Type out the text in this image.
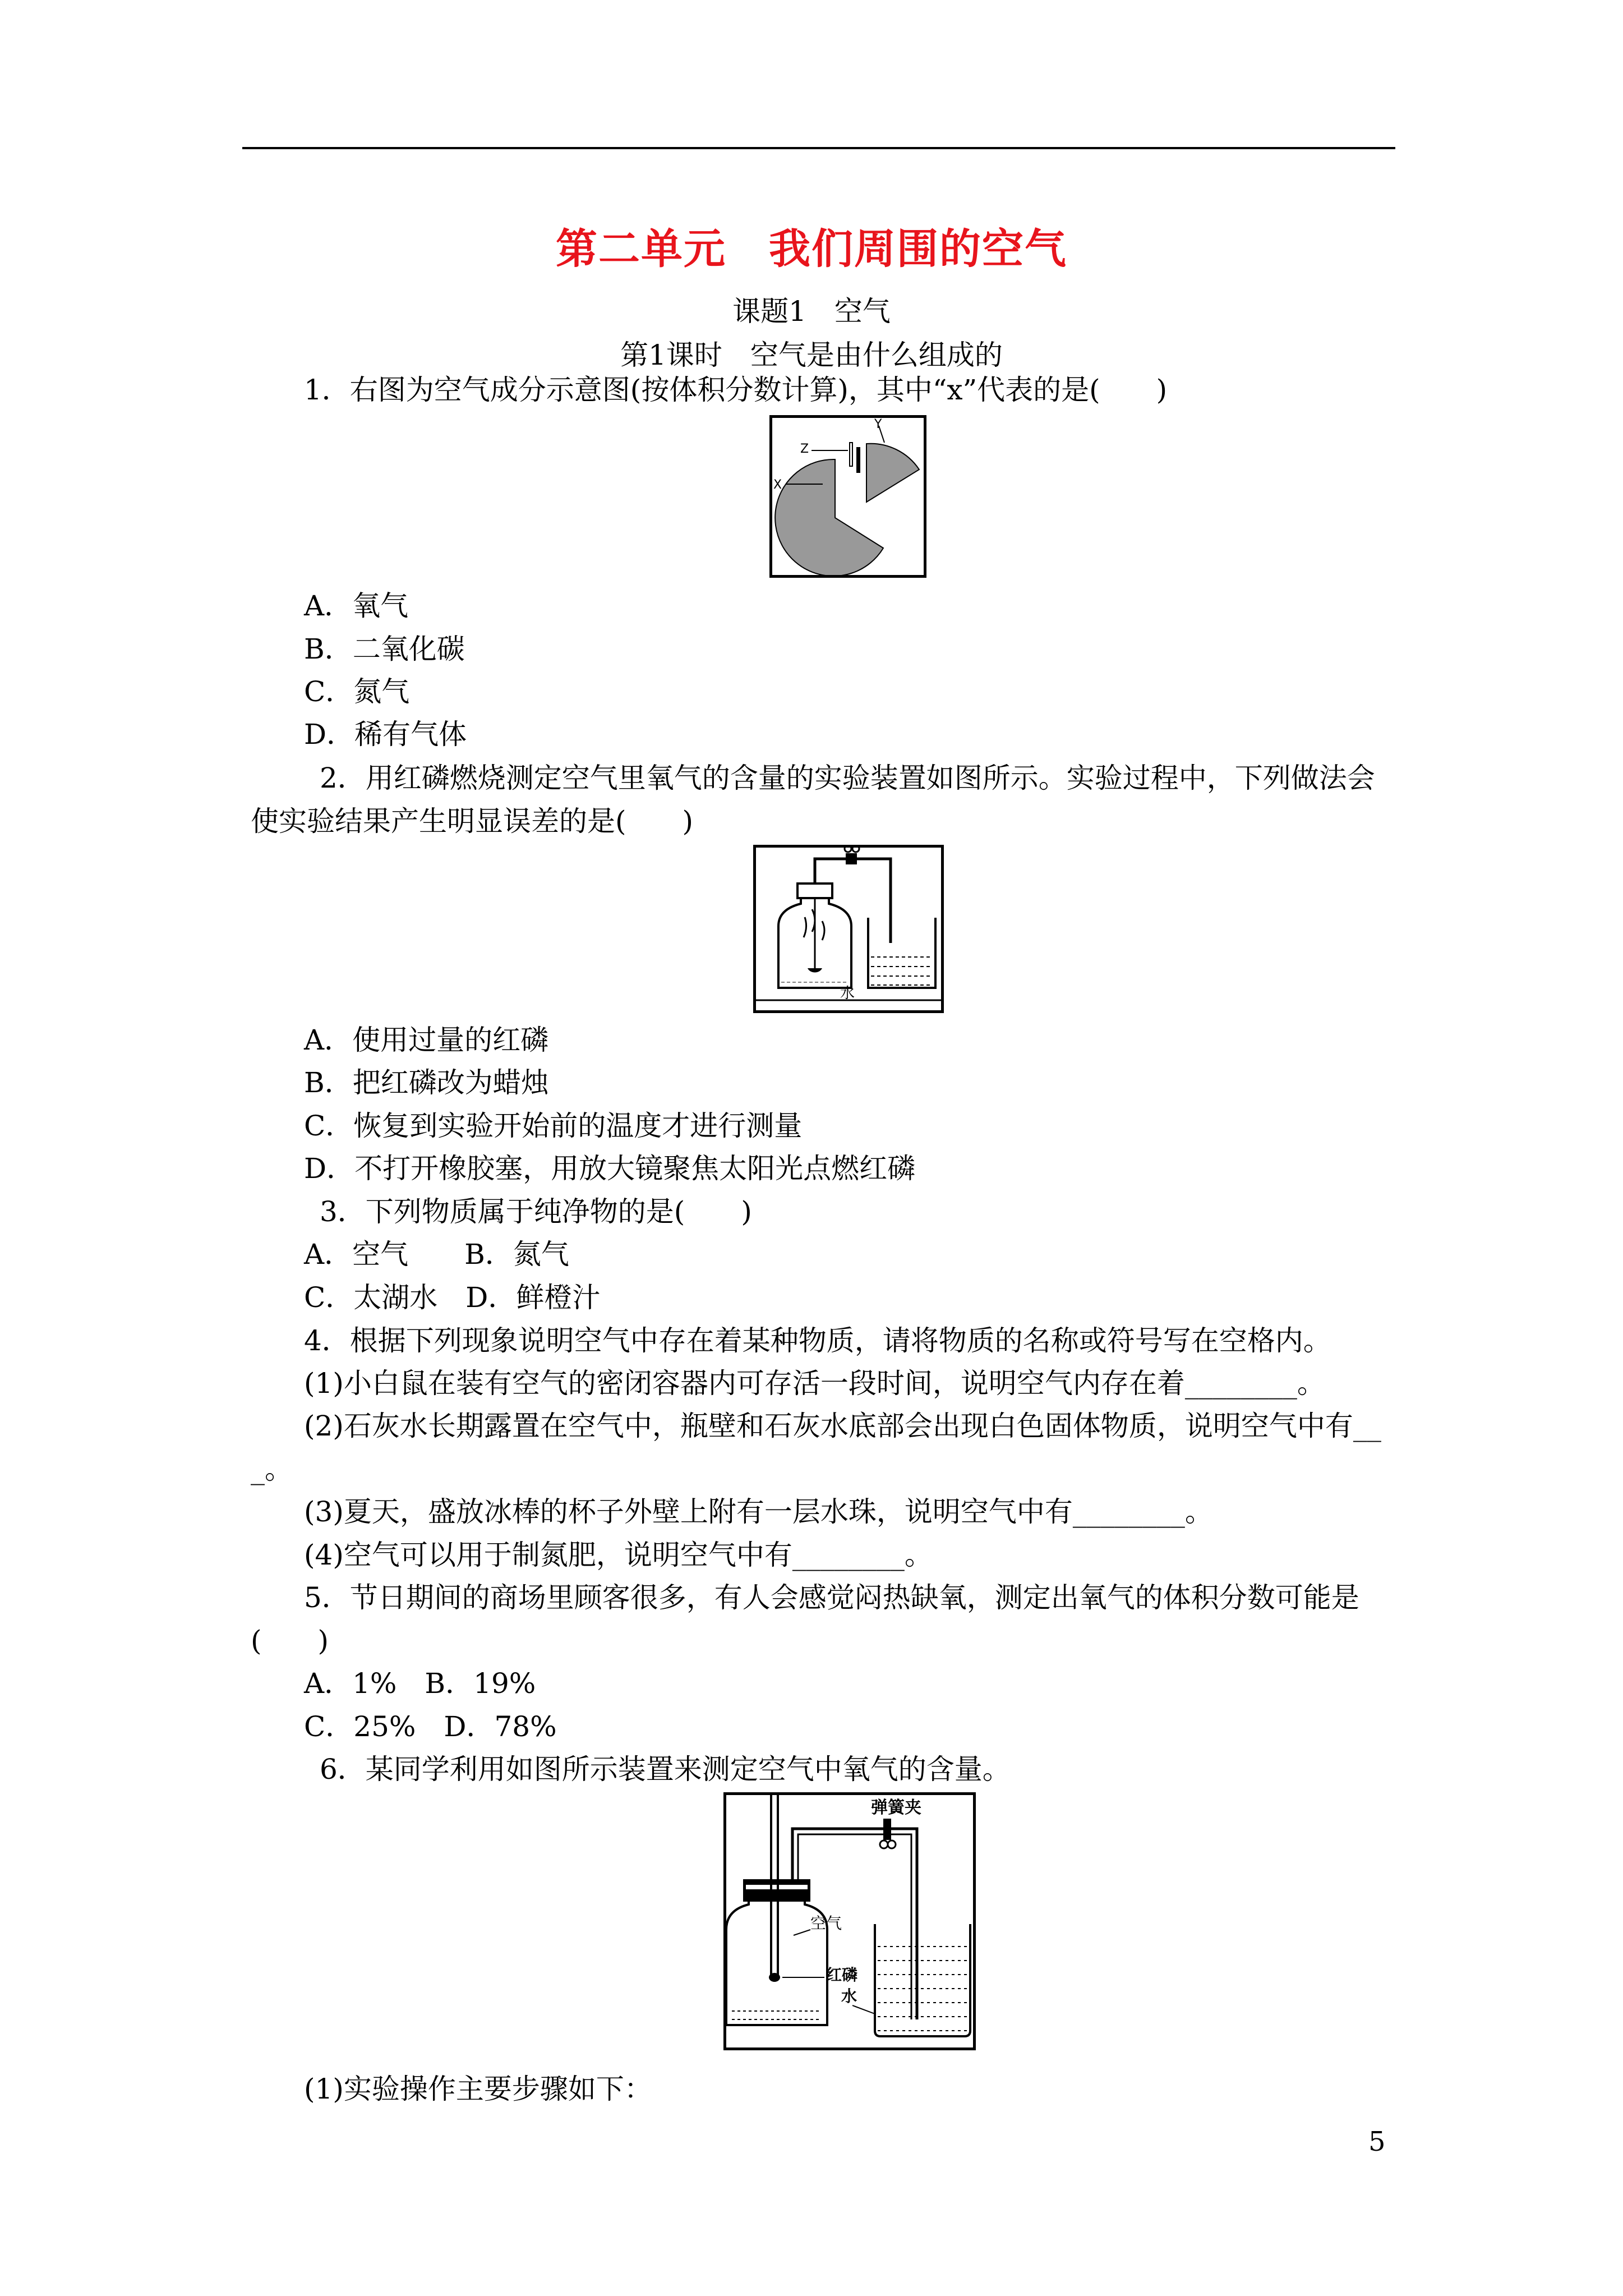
第二单元　我们周围的空气
课题1　空气
第1课时　空气是由什么组成的
1．右图为空气成分示意图(按体积分数计算)，其中“x”代表的是(　　)
Z
Y
X
A．氧气
B．二氧化碳
C．氮气
D．稀有气体
2．用红磷燃烧测定空气里氧气的含量的实验装置如图所示。实验过程中，下列做法会
使实验结果产生明显误差的是(　　)
水
A．使用过量的红磷
B．把红磷改为蜡烛
C．恢复到实验开始前的温度才进行测量
D．不打开橡胶塞，用放大镜聚焦太阳光点燃红磷
3．下列物质属于纯净物的是(　　)
A．空气　　B．氮气
C．太湖水　D．鲜橙汁
4．根据下列现象说明空气中存在着某种物质，请将物质的名称或符号写在空格内。
(1)小白鼠在装有空气的密闭容器内可存活一段时间，说明空气内存在着________。
(2)石灰水长期露置在空气中，瓶壁和石灰水底部会出现白色固体物质，说明空气中有__
_。
(3)夏天，盛放冰棒的杯子外壁上附有一层水珠，说明空气中有________。
(4)空气可以用于制氮肥，说明空气中有________。
5．节日期间的商场里顾客很多，有人会感觉闷热缺氧，测定出氧气的体积分数可能是
(　　)
A．1%　B．19%
C．25%　D．78%
6．某同学利用如图所示装置来测定空气中氧气的含量。
弹簧夹
空气
红磷
水
(1)实验操作主要步骤如下：
5
